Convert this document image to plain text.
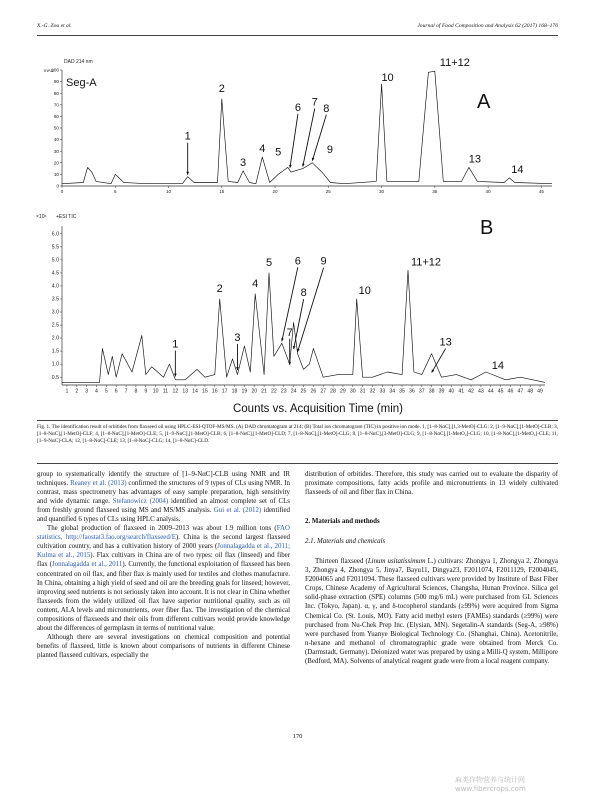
X.-G. Zou et al.	Journal of Food Composition and Analysis 62 (2017) 168–176
0
10
20
30
40
50
60
70
80
90
100
0	5	10	15	20	25	30	35	40	45
1
2
3
4 5
6 7
8
9
10
11+12
13
14
DAD 214 nm
mAU
Seg-A
A
0.5
1.0
1.5
2.0
2.5
3.0
3.5
4.0
4.5
5.0
5.5
6.0
1 2 3 4 5 6 7 8 9 10 11 12 13 14 15 16 17 18 19 20 21 22 23 24 25 26 27 28 29 30 31 32 33 34 35 36 37 38 39 40 41 42 43 44 45 46 47 48 49
1
2
3
4
5 6
7
8
9
10
11+12
13
14
×10⁶ +ESI TIC	B
Counts vs. Acquisition Time (min)
Fig. 1. The identification result of orbitides from flaxseed oil using HPLC-ESI-QTOF-MS/MS. (A) DAD chromatogram at 214; (B) Total ion chromatogram (TIC) in positive ion mode. 1, [1–8-NαC],[1,3-MetO]-CLG; 2, [1–9-NαC],[1-MetO]-CLB; 3, [1–8-NαC],[1-MetO]-CLF; 4, [1–8-NαC],[1-MetO]-CLE; 5, [1–9-NαC],[1-MetO]-CLB; 6, [1–8-NαC],[1-MetO]-CLD; 7, [1–8-NαC],[1-MetO]-CLG; 8, [1–8-NαC],[3-MetO]-CLG; 9, [1–8-NαC],[1-MetO₂]-CLG; 10, [1–8-NαC],[1-MetO₂]-CLE; 11, [1–9-NαC]-CLA; 12, [1–8-NαC]-CLE; 13, [1–8-NαC]-CLG; 14, [1–8-NαC]-CLD.

group to systematically identify the structure of [1–9-NαC]-CLB using NMR and IR techniques. Reaney et al. (2013) confirmed the structures of 9 types of CLs using NMR. In contrast, mass spectrometry has advantages of easy sample preparation, high sensitivity and wide dynamic range. Stefanowicz (2004) identified an almost complete set of CLs from freshly ground flaxseed using MS and MS/MS analysis. Gui et al. (2012) identified and quantified 6 types of CLs using HPLC analysis.

The global production of flaxseed in 2009–2013 was about 1.9 million tons (FAO statistics, http://faostat3.fao.org/search/flaxseed/E). China is the second largest flaxseed cultivation country, and has a cultivation history of 2000 years (Jonnalagadda et al., 2011; Kulma et al., 2015). Flax cultivars in China are of two types: oil flax (linseed) and fiber flax (Jonnalagadda et al., 2011). Currently, the functional exploitation of flaxseed has been concentrated on oil flax, and fiber flax is mainly used for textiles and clothes manufacture. In China, obtaining a high yield of seed and oil are the breeding goals for linseed; however, improving seed nutrients is not seriously taken into account. It is not clear in China whether flaxseeds from the widely utilized oil flax have superior nutritional quality, such as oil content, ALA levels and micronutrients, over fiber flax. The investigation of the chemical compositions of flaxseeds and their oils from different cultivars would provide knowledge about the differences of germplasm in terms of nutritional value.

Although there are several investigations on chemical composition and potential benefits of flaxseed, little is known about comparisons of nutrients in different Chinese planted flaxseed cultivars, especially the

distribution of orbitides. Therefore, this study was carried out to evaluate the disparity of proximate compositions, fatty acids profile and micronutrients in 13 widely cultivated flaxseeds of oil and fiber flax in China.

2. Materials and methods
2.1. Materials and chemicals

Thirteen flaxseed (Linum usitatissimum L.) cultivars: Zhongya 1, Zhongya 2, Zhongya 3, Zhongya 4, Zhongya 5, Jinya7, Bayu11, Dingya23, F2011074, F2011129, F2004045, F2004065 and F2011094. These flaxseed cultivars were provided by Institute of Bast Fiber Crops, Chinese Academy of Agricultural Sciences, Changsha, Hunan Province. Silica gel solid-phase extraction (SPE) columns (500 mg/6 mL) were purchased from GL Sciences Inc. (Tokyo, Japan). α, γ, and δ-tocopherol standards (≥99%) were acquired from Sigma Chemical Co. (St. Louis, MO). Fatty acid methyl esters (FAMEs) standards (≥99%) were purchased from Nu-Chek Prep Inc. (Elysian, MN). Segetalin-A standards (Seg-A, ≥98%) were purchased from Yuanye Biological Technology Co. (Shanghai, China). Acetonitrile, n-hexane and methanol of chromatographic grade were obtained from Merck Co. (Darmstadt, Germany). Deionized water was prepared by using a Milli-Q system, Millipore (Bedford, MA). Solvents of analytical reagent grade were from a local reagent company.

170
麻类作物营养与统计网 www.fibercrops.com
